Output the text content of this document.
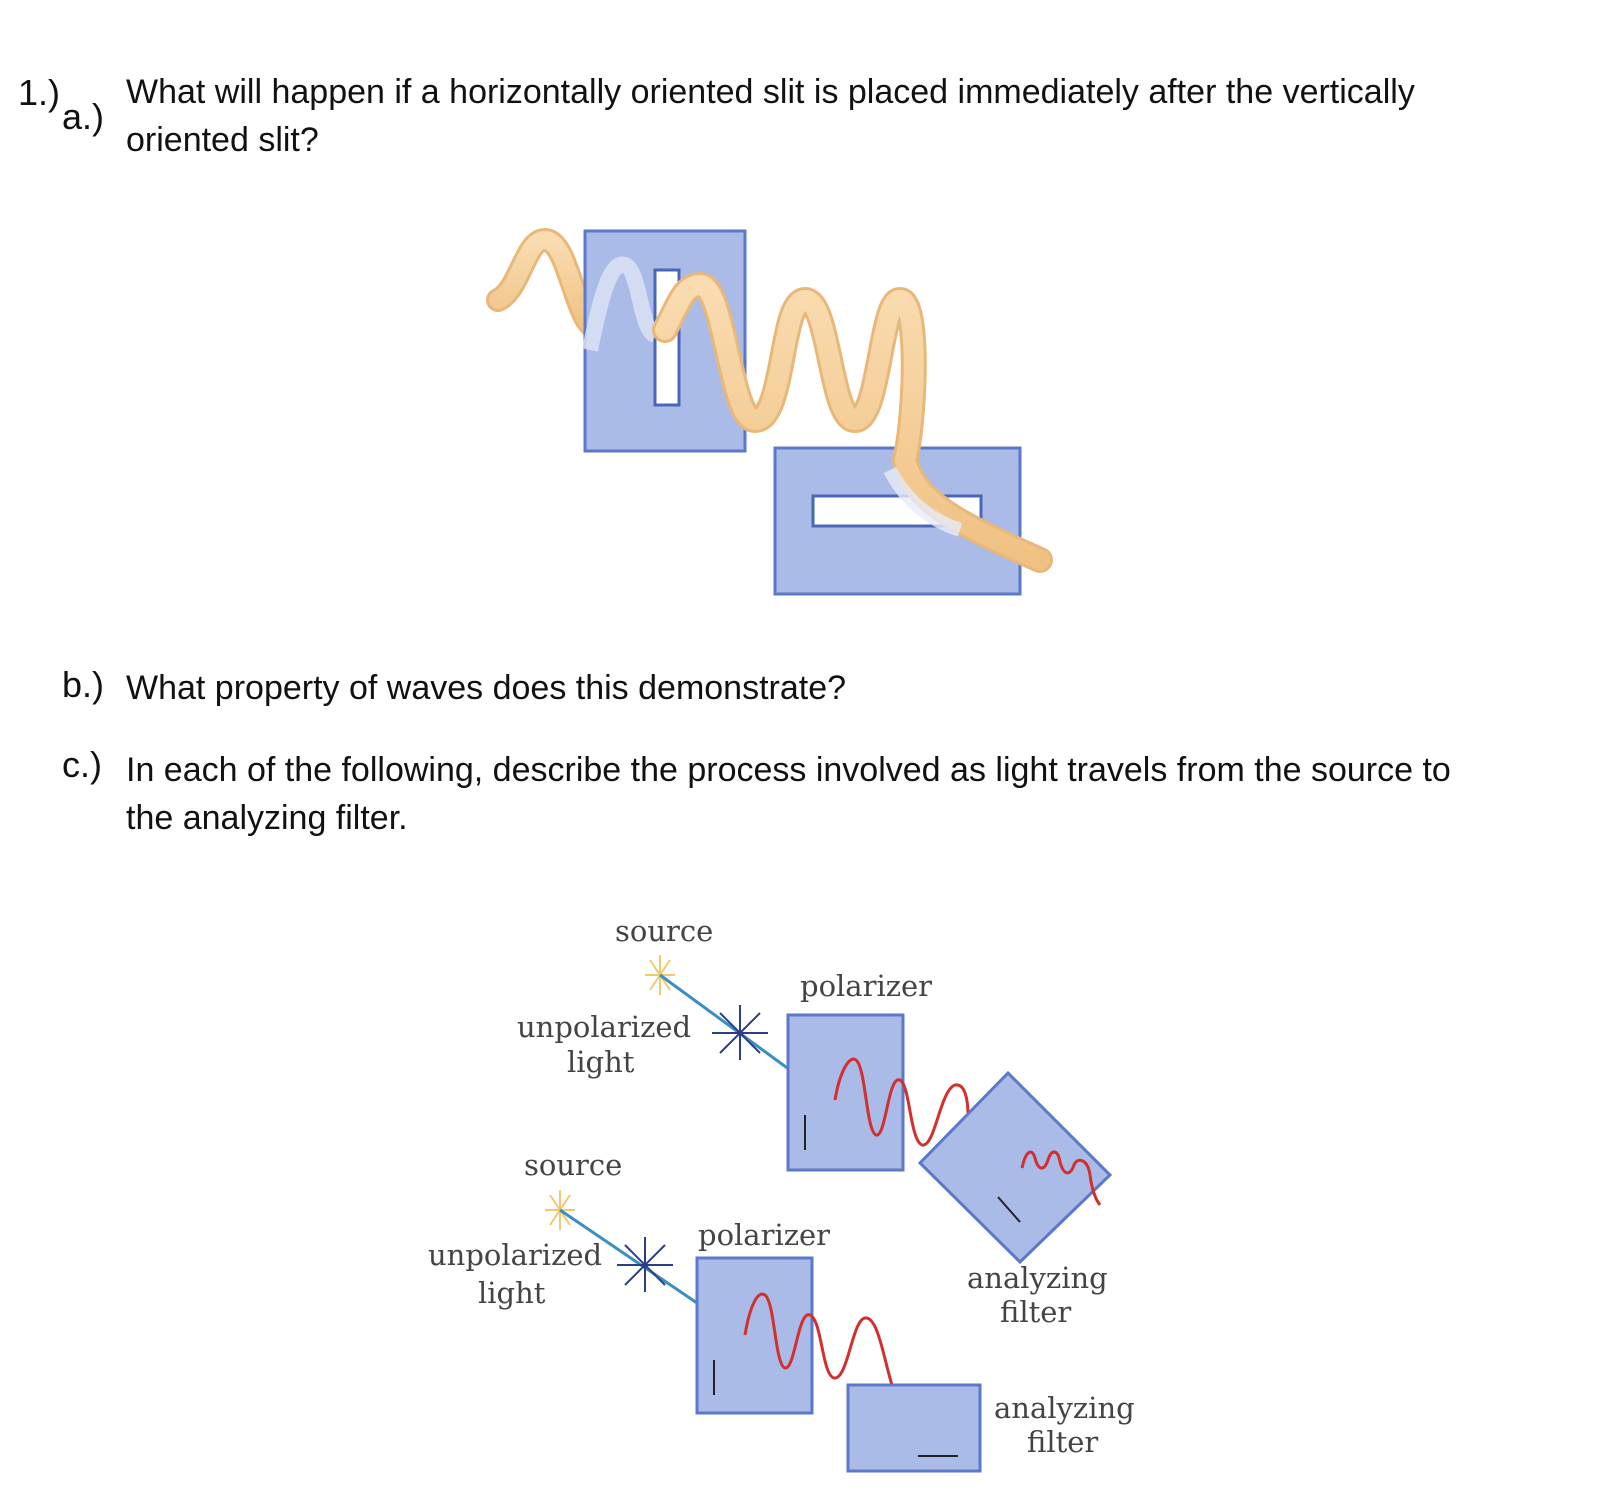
1.)
a.)
What will happen if a horizontally oriented slit is placed immediately after the vertically
oriented slit?
b.) What property of waves does this demonstrate?
c.) In each of the following, describe the process involved as light travels from the source to
the analyzing filter.
source
unpolarized
light
polarizer
analyzing
filter
source
unpolarized
light
polarizer
analyzing
filter
